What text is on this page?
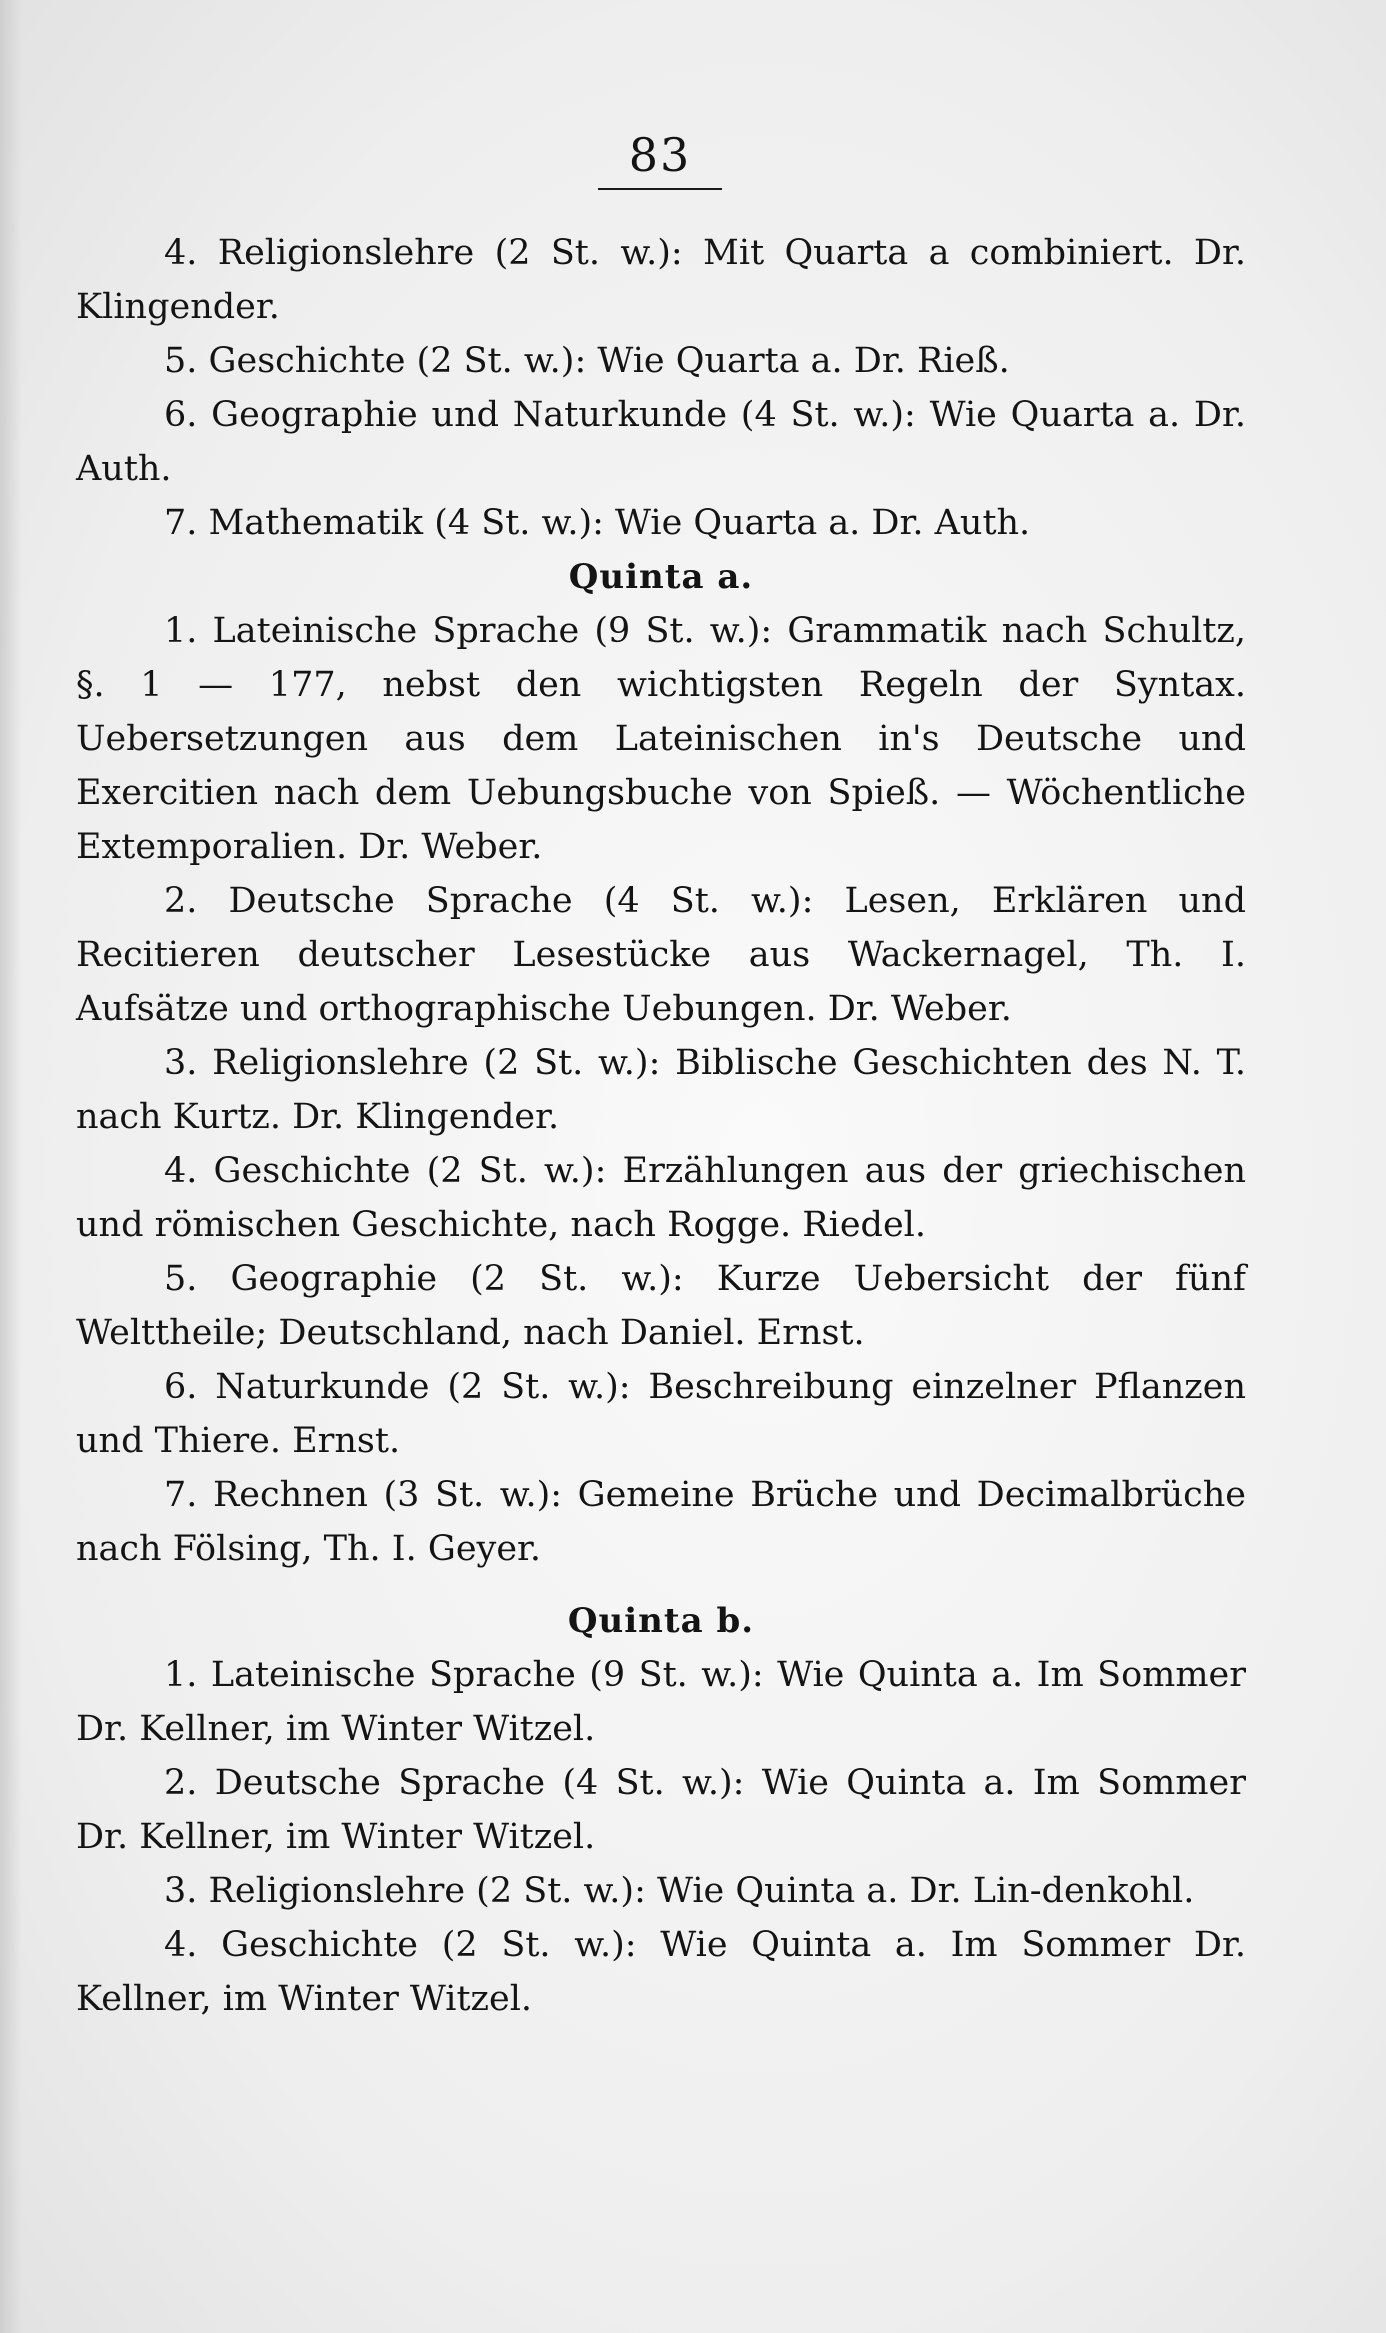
83

4. Religionslehre (2 St. w.): Mit Quarta a combiniert. Dr. Klingender.

5. Geschichte (2 St. w.): Wie Quarta a. Dr. Rieß.

6. Geographie und Naturkunde (4 St. w.): Wie Quarta a. Dr. Auth.

7. Mathematik (4 St. w.): Wie Quarta a. Dr. Auth.

Quinta a.

1. Lateinische Sprache (9 St. w.): Grammatik nach Schultz, §. 1 — 177, nebst den wichtigsten Regeln der Syntax. Uebersetzungen aus dem Lateinischen in's Deutsche und Exercitien nach dem Uebungsbuche von Spieß. — Wöchentliche Extemporalien. Dr. Weber.

2. Deutsche Sprache (4 St. w.): Lesen, Erklären und Recitieren deutscher Lesestücke aus Wackernagel, Th. I. Aufsätze und orthographische Uebungen. Dr. Weber.

3. Religionslehre (2 St. w.): Biblische Geschichten des N. T. nach Kurtz. Dr. Klingender.

4. Geschichte (2 St. w.): Erzählungen aus der griechischen und römischen Geschichte, nach Rogge. Riedel.

5. Geographie (2 St. w.): Kurze Uebersicht der fünf Welttheile; Deutschland, nach Daniel. Ernst.

6. Naturkunde (2 St. w.): Beschreibung einzelner Pflanzen und Thiere. Ernst.

7. Rechnen (3 St. w.): Gemeine Brüche und Decimalbrüche nach Fölsing, Th. I. Geyer.

Quinta b.

1. Lateinische Sprache (9 St. w.): Wie Quinta a. Im Sommer Dr. Kellner, im Winter Witzel.

2. Deutsche Sprache (4 St. w.): Wie Quinta a. Im Sommer Dr. Kellner, im Winter Witzel.

3. Religionslehre (2 St. w.): Wie Quinta a. Dr. Lin-denkohl.

4. Geschichte (2 St. w.): Wie Quinta a. Im Sommer Dr. Kellner, im Winter Witzel.
